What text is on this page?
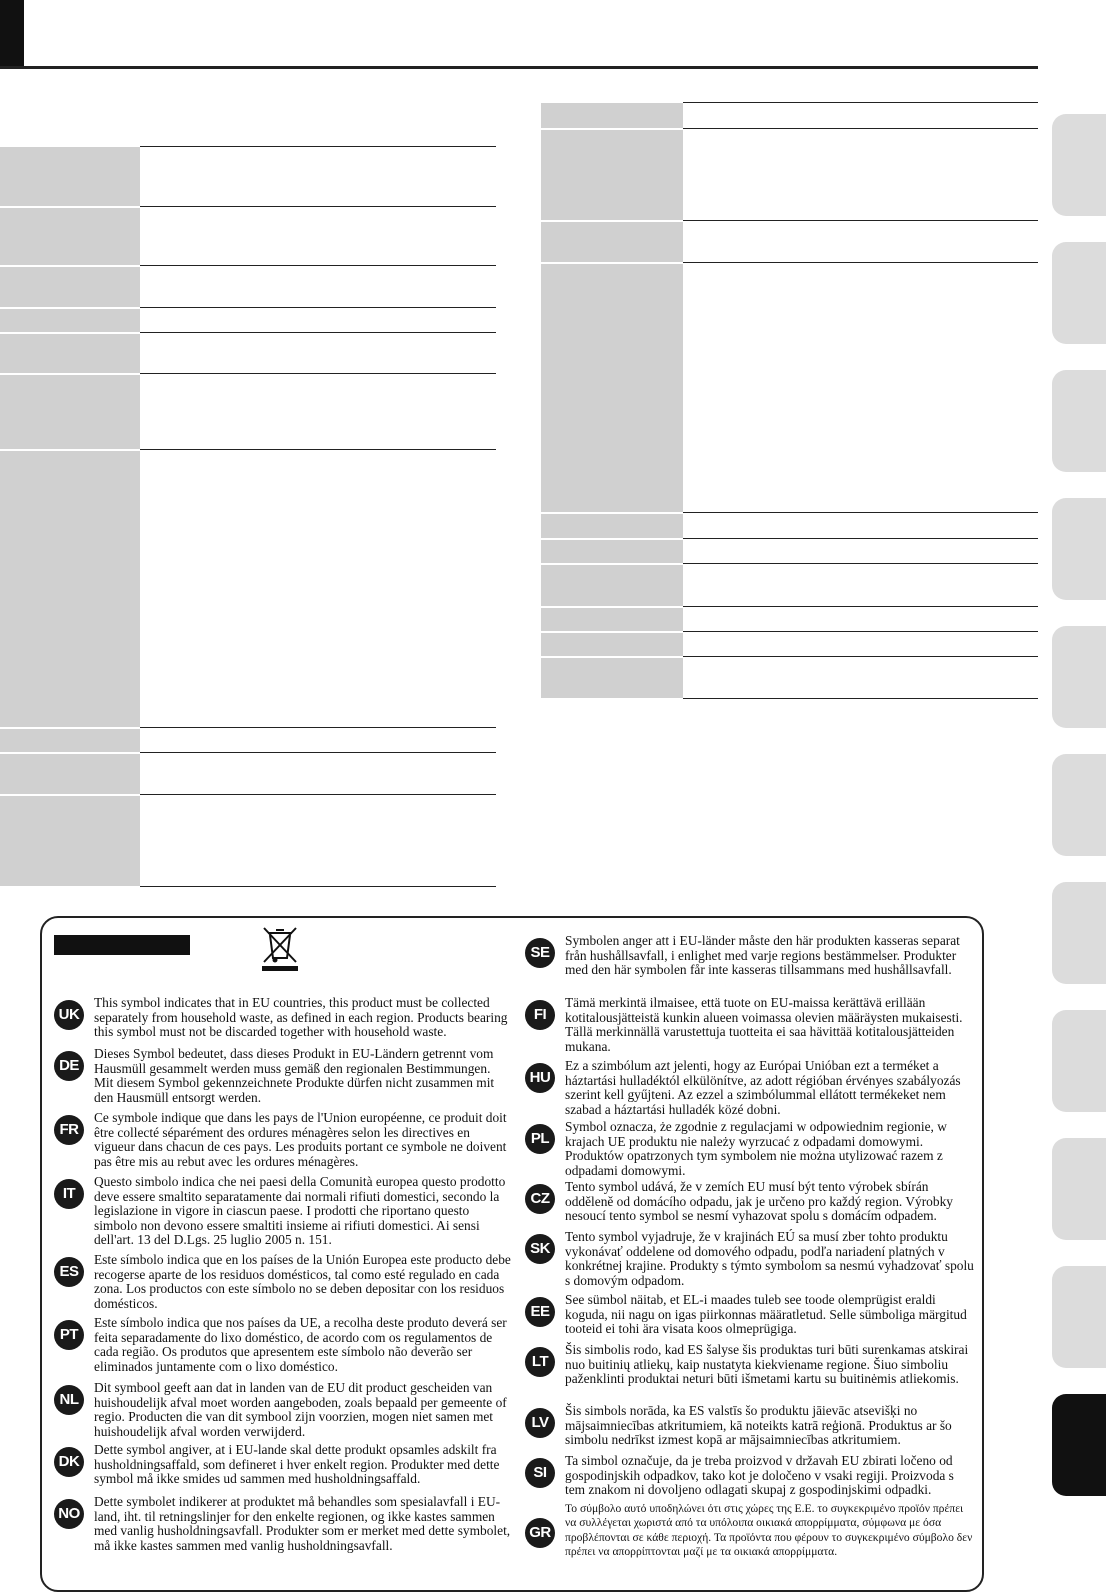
UK

This symbol indicates that in EU countries, this product must be collected separately from household waste, as defined in each region. Products bearing this symbol must not be discarded together with household waste.

DE

Dieses Symbol bedeutet, dass dieses Produkt in EU-Ländern getrennt vom Hausmüll gesammelt werden muss gemäß den regionalen Bestimmungen. Mit diesem Symbol gekennzeichnete Produkte dürfen nicht zusammen mit den Hausmüll entsorgt werden.

FR

Ce symbole indique que dans les pays de l'Union européenne, ce produit doit être collecté séparément des ordures ménagères selon les directives en vigueur dans chacun de ces pays. Les produits portant ce symbole ne doivent pas être mis au rebut avec les ordures ménagères.

IT

Questo simbolo indica che nei paesi della Comunità europea questo prodotto deve essere smaltito separatamente dai normali rifiuti domestici, secondo la legislazione in vigore in ciascun paese. I prodotti che riportano questo simbolo non devono essere smaltiti insieme ai rifiuti domestici. Ai sensi dell'art. 13 del D.Lgs. 25 luglio 2005 n. 151.

ES

Este símbolo indica que en los países de la Unión Europea este producto debe recogerse aparte de los residuos domésticos, tal como esté regulado en cada zona. Los productos con este símbolo no se deben depositar con los residuos domésticos.

PT

Este símbolo indica que nos países da UE, a recolha deste produto deverá ser feita separadamente do lixo doméstico, de acordo com os regulamentos de cada região. Os produtos que apresentem este símbolo não deverão ser eliminados juntamente com o lixo doméstico.

NL

Dit symbool geeft aan dat in landen van de EU dit product gescheiden van huishoudelijk afval moet worden aangeboden, zoals bepaald per gemeente of regio. Producten die van dit symbool zijn voorzien, mogen niet samen met huishoudelijk afval worden verwijderd.

DK

Dette symbol angiver, at i EU-lande skal dette produkt opsamles adskilt fra husholdningsaffald, som defineret i hver enkelt region. Produkter med dette symbol må ikke smides ud sammen med husholdningsaffald.

NO

Dette symbolet indikerer at produktet må behandles som spesialavfall i EU-land, iht. til retningslinjer for den enkelte regionen, og ikke kastes sammen med vanlig husholdningsavfall. Produkter som er merket med dette symbolet, må ikke kastes sammen med vanlig husholdningsavfall.

SE

Symbolen anger att i EU-länder måste den här produkten kasseras separat från hushållsavfall, i enlighet med varje regions bestämmelser. Produkter med den här symbolen får inte kasseras tillsammans med hushållsavfall.

FI

Tämä merkintä ilmaisee, että tuote on EU-maissa kerättävä erillään kotitalousjätteistä kunkin alueen voimassa olevien määräysten mukaisesti. Tällä merkinnällä varustettuja tuotteita ei saa hävittää kotitalousjätteiden mukana.

HU

Ez a szimbólum azt jelenti, hogy az Európai Unióban ezt a terméket a háztartási hulladéktól elkülönítve, az adott régióban érvényes szabályozás szerint kell gyűjteni. Az ezzel a szimbólummal ellátott termékeket nem szabad a háztartási hulladék közé dobni.

PL

Symbol oznacza, że zgodnie z regulacjami w odpowiednim regionie, w krajach UE produktu nie należy wyrzucać z odpadami domowymi. Produktów opatrzonych tym symbolem nie można utylizować razem z odpadami domowymi.

CZ

Tento symbol udává, že v zemích EU musí být tento výrobek sbírán odděleně od domácího odpadu, jak je určeno pro každý region. Výrobky nesoucí tento symbol se nesmí vyhazovat spolu s domácím odpadem.

SK

Tento symbol vyjadruje, že v krajinách EÚ sa musí zber tohto produktu vykonávať oddelene od domového odpadu, podľa nariadení platných v konkrétnej krajine. Produkty s týmto symbolom sa nesmú vyhadzovať spolu s domovým odpadom.

EE

See sümbol näitab, et EL-i maades tuleb see toode olemprügist eraldi koguda, nii nagu on igas piirkonnas määratletud. Selle sümboliga märgitud tooteid ei tohi ära visata koos olmeprügiga.

LT

Šis simbolis rodo, kad ES šalyse šis produktas turi būti surenkamas atskirai nuo buitinių atliekų, kaip nustatyta kiekviename regione. Šiuo simboliu paženklinti produktai neturi būti išmetami kartu su buitinėmis atliekomis.

LV

Šis simbols norāda, ka ES valstīs šo produktu jāievāc atsevišķi no mājsaimniecības atkritumiem, kā noteikts katrā reģionā. Produktus ar šo simbolu nedrīkst izmest kopā ar mājsaimniecības atkritumiem.

SI

Ta simbol označuje, da je treba proizvod v državah EU zbirati ločeno od gospodinjskih odpadkov, tako kot je določeno v vsaki regiji. Proizvoda s tem znakom ni dovoljeno odlagati skupaj z gospodinjskimi odpadki.

GR

Το σύμβολο αυτό υποδηλώνει ότι στις χώρες της Ε.Ε. το συγκεκριμένο προϊόν πρέπει να συλλέγεται χωριστά από τα υπόλοιπα οικιακά απορρίμματα, σύμφωνα με όσα προβλέπονται σε κάθε περιοχή. Τα προϊόντα που φέρουν το συγκεκριμένο σύμβολο δεν πρέπει να απορρίπτονται μαζί με τα οικιακά απορρίμματα.
